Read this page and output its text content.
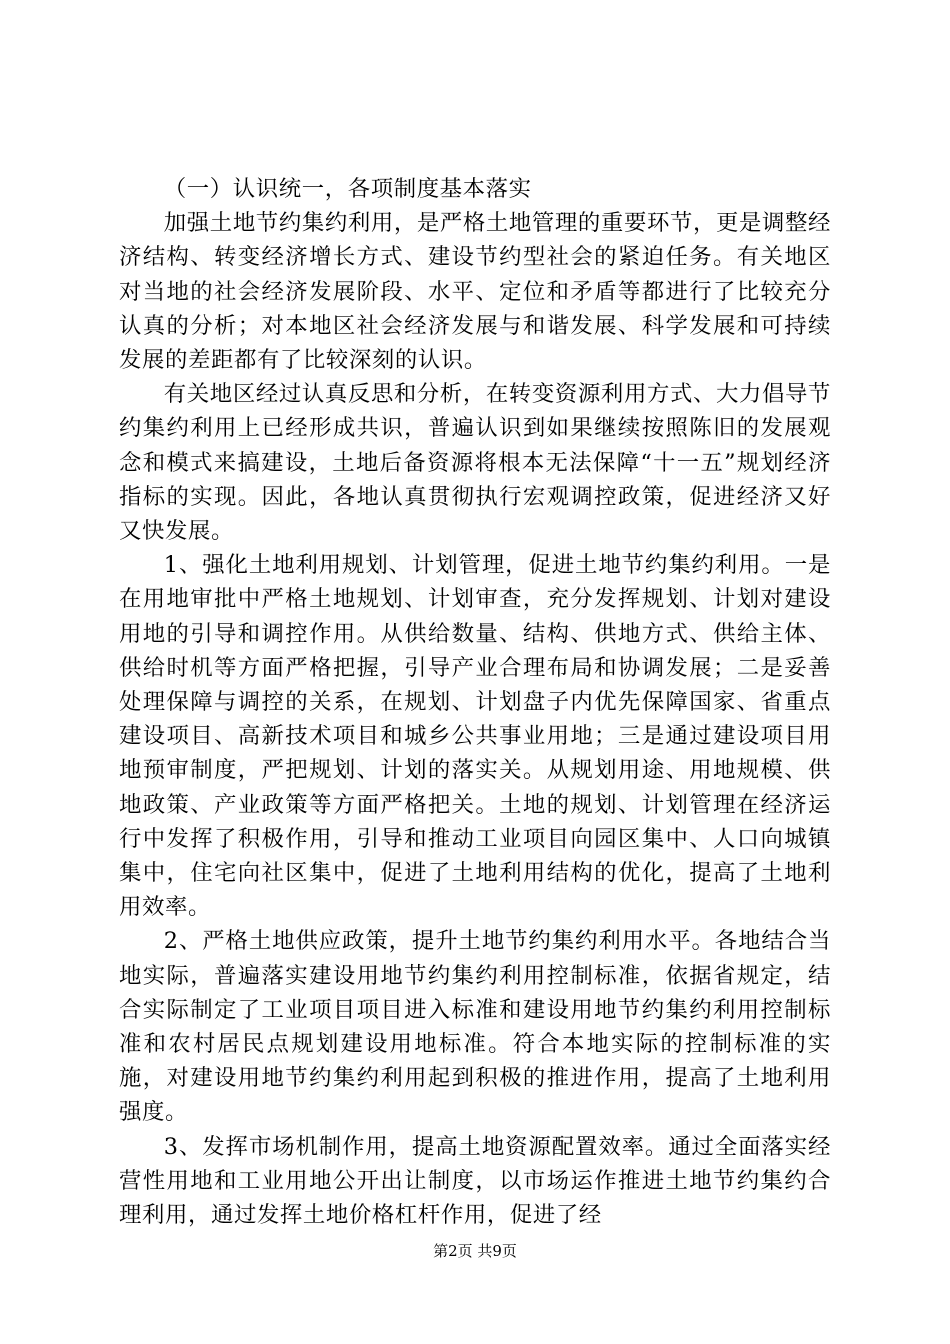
（一）认识统一，各项制度基本落实

加强土地节约集约利用，是严格土地管理的重要环节，更是调整经济结构、转变经济增长方式、建设节约型社会的紧迫任务。有关地区对当地的社会经济发展阶段、水平、定位和矛盾等都进行了比较充分认真的分析；对本地区社会经济发展与和谐发展、科学发展和可持续发展的差距都有了比较深刻的认识。

有关地区经过认真反思和分析，在转变资源利用方式、大力倡导节约集约利用上已经形成共识，普遍认识到如果继续按照陈旧的发展观念和模式来搞建设，土地后备资源将根本无法保障“十一五”规划经济指标的实现。因此，各地认真贯彻执行宏观调控政策，促进经济又好又快发展。

1、强化土地利用规划、计划管理，促进土地节约集约利用。一是在用地审批中严格土地规划、计划审查，充分发挥规划、计划对建设用地的引导和调控作用。从供给数量、结构、供地方式、供给主体、供给时机等方面严格把握，引导产业合理布局和协调发展；二是妥善处理保障与调控的关系，在规划、计划盘子内优先保障国家、省重点建设项目、高新技术项目和城乡公共事业用地；三是通过建设项目用地预审制度，严把规划、计划的落实关。从规划用途、用地规模、供地政策、产业政策等方面严格把关。土地的规划、计划管理在经济运行中发挥了积极作用，引导和推动工业项目向园区集中、人口向城镇集中，住宅向社区集中，促进了土地利用结构的优化，提高了土地利用效率。

2、严格土地供应政策，提升土地节约集约利用水平。各地结合当地实际，普遍落实建设用地节约集约利用控制标准，依据省规定，结合实际制定了工业项目项目进入标准和建设用地节约集约利用控制标准和农村居民点规划建设用地标准。符合本地实际的控制标准的实施，对建设用地节约集约利用起到积极的推进作用，提高了土地利用强度。

3、发挥市场机制作用，提高土地资源配置效率。通过全面落实经营性用地和工业用地公开出让制度，以市场运作推进土地节约集约合理利用，通过发挥土地价格杠杆作用，促进了经

第2页 共9页
